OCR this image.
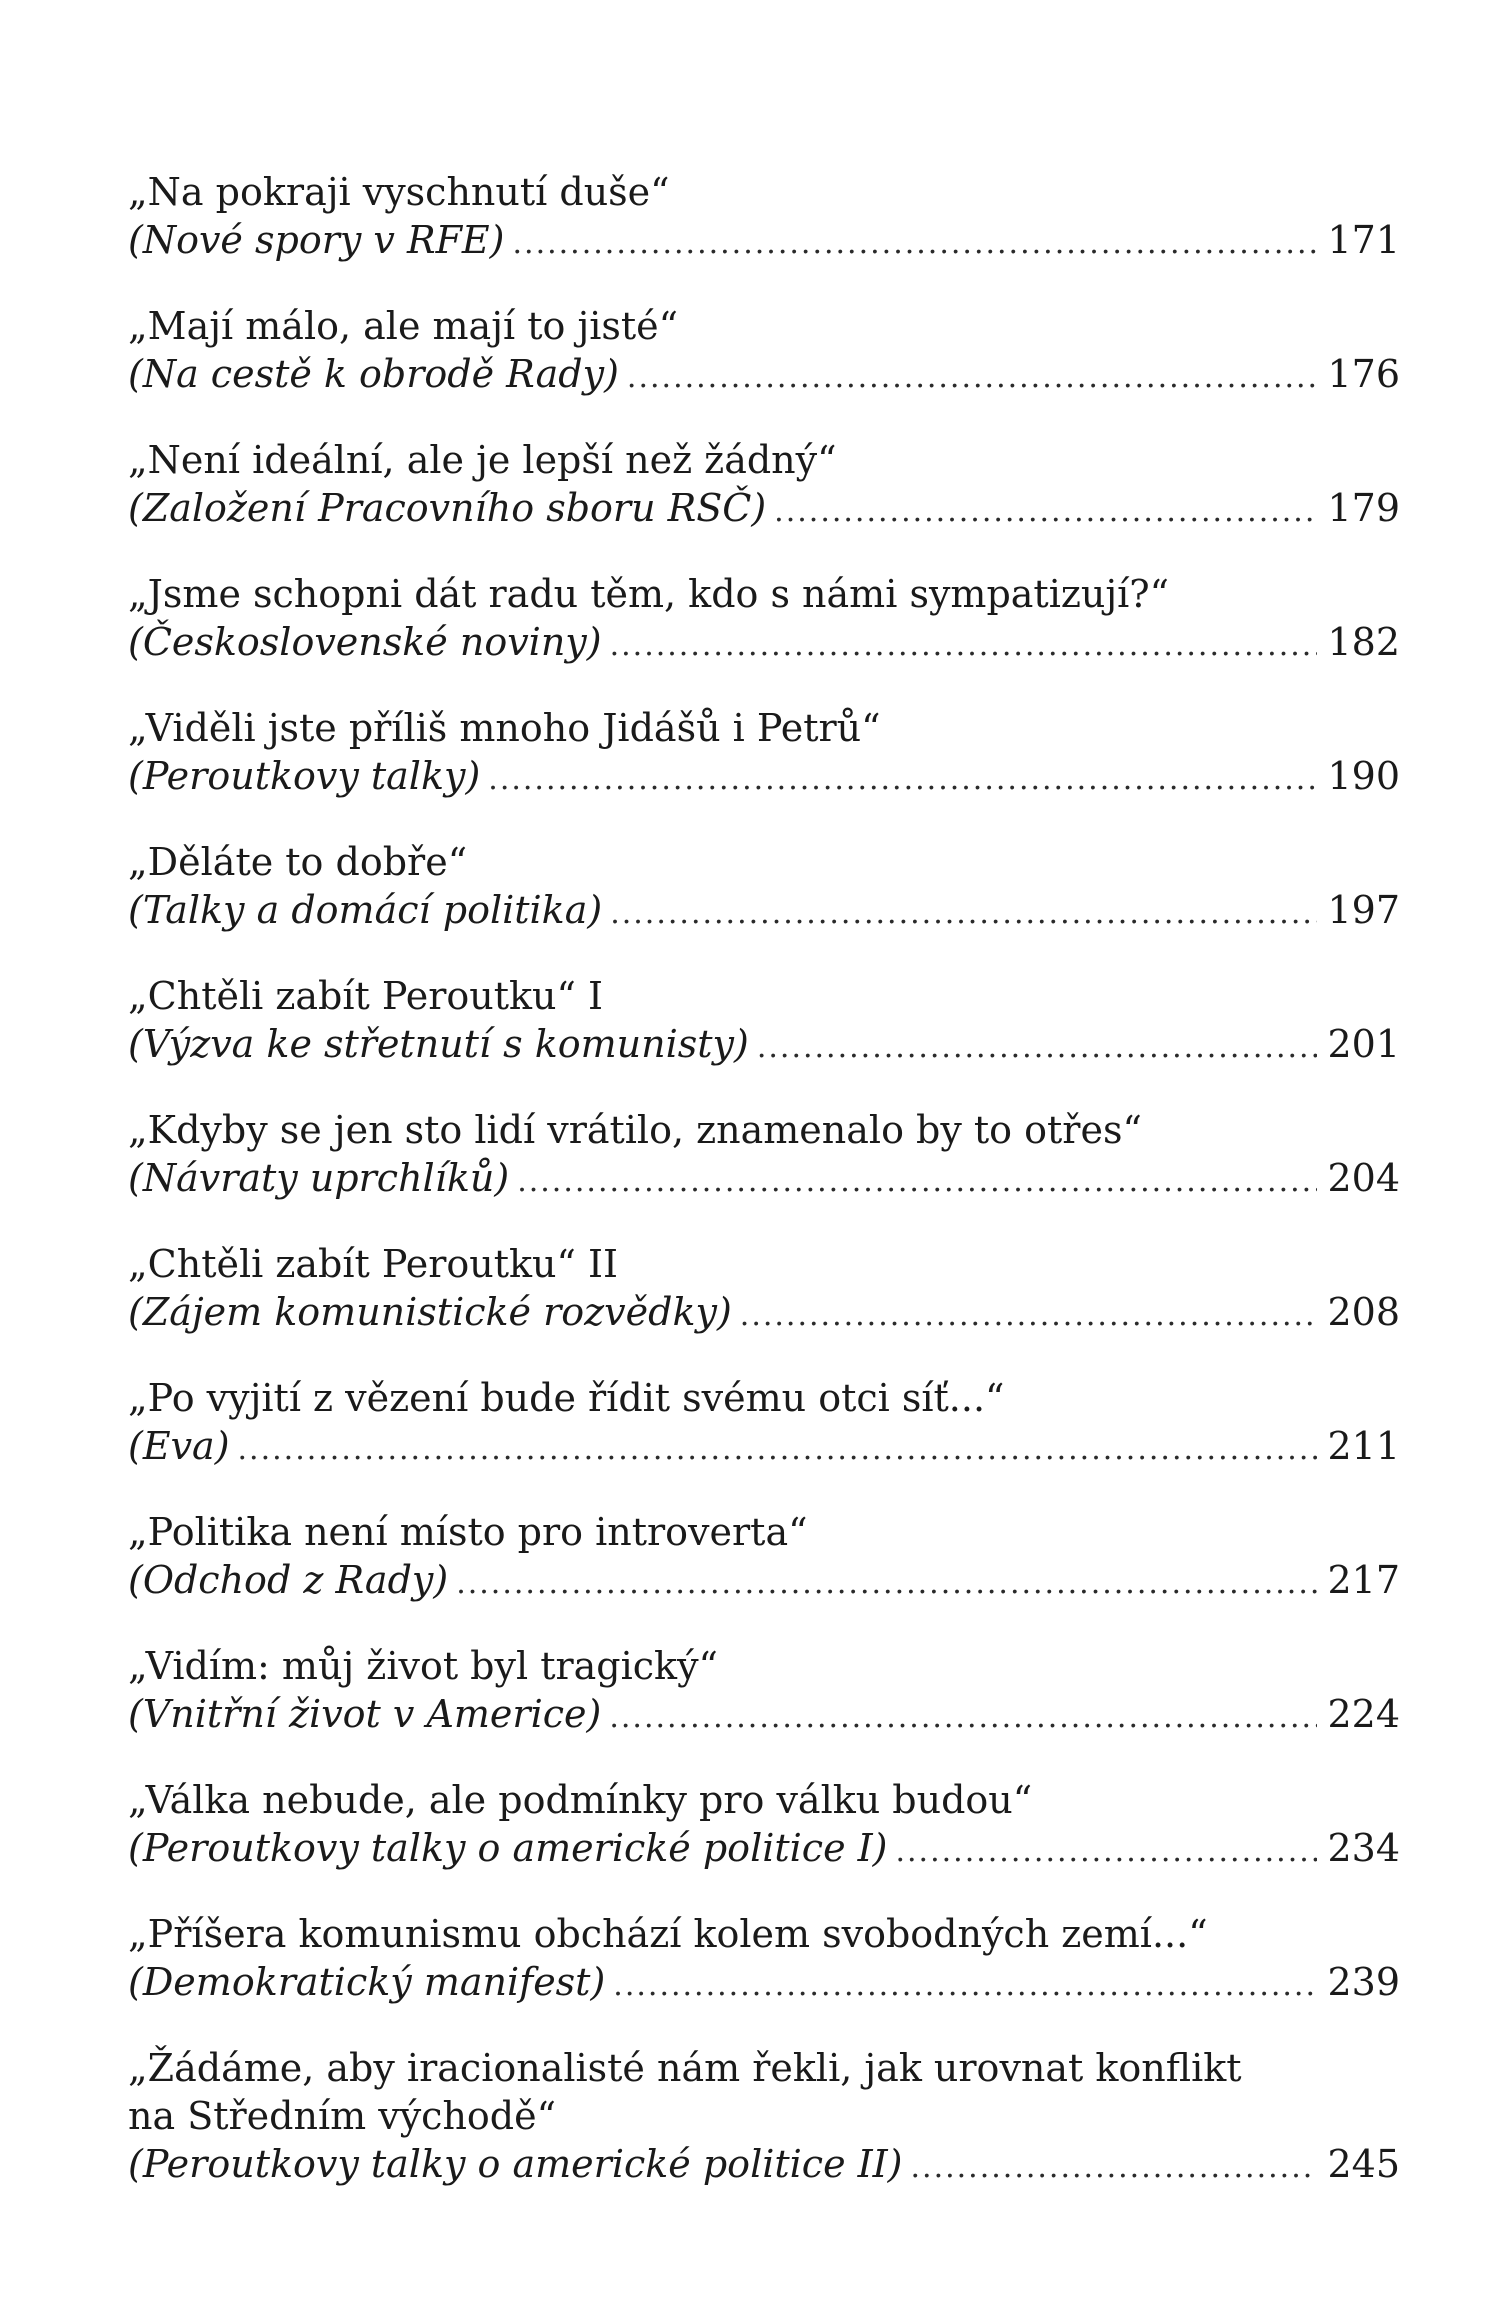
„Na pokraji vyschnutí duše“
(Nové spory v RFE) .....	171
„Mají málo, ale mají to jisté“
(Na cestě k obrodě Rady) .....	176
„Není ideální, ale je lepší než žádný“
(Založení Pracovního sboru RSČ) .....	179
„Jsme schopni dát radu těm, kdo s námi sympatizují?“
(Československé noviny) .....	182
„Viděli jste příliš mnoho Jidášů i Petrů“
(Peroutkovy talky) .....	190
„Děláte to dobře“
(Talky a domácí politika) .....	197
„Chtěli zabít Peroutku“ I
(Výzva ke střetnutí s komunisty) .....	201
„Kdyby se jen sto lidí vrátilo, znamenalo by to otřes“
(Návraty uprchlíků) .....	204
„Chtěli zabít Peroutku“ II
(Zájem komunistické rozvědky) .....	208
„Po vyjití z vězení bude řídit svému otci síť...“
(Eva) .....	211
„Politika není místo pro introverta“
(Odchod z Rady) .....	217
„Vidím: můj život byl tragický“
(Vnitřní život v Americe) .....	224
„Válka nebude, ale podmínky pro válku budou“
(Peroutkovy talky o americké politice I) .....	234
„Příšera komunismu obchází kolem svobodných zemí...“
(Demokratický manifest) .....	239
„Žádáme, aby iracionalisté nám řekli, jak urovnat konflikt
na Středním východě“
(Peroutkovy talky o americké politice II) .....	245
